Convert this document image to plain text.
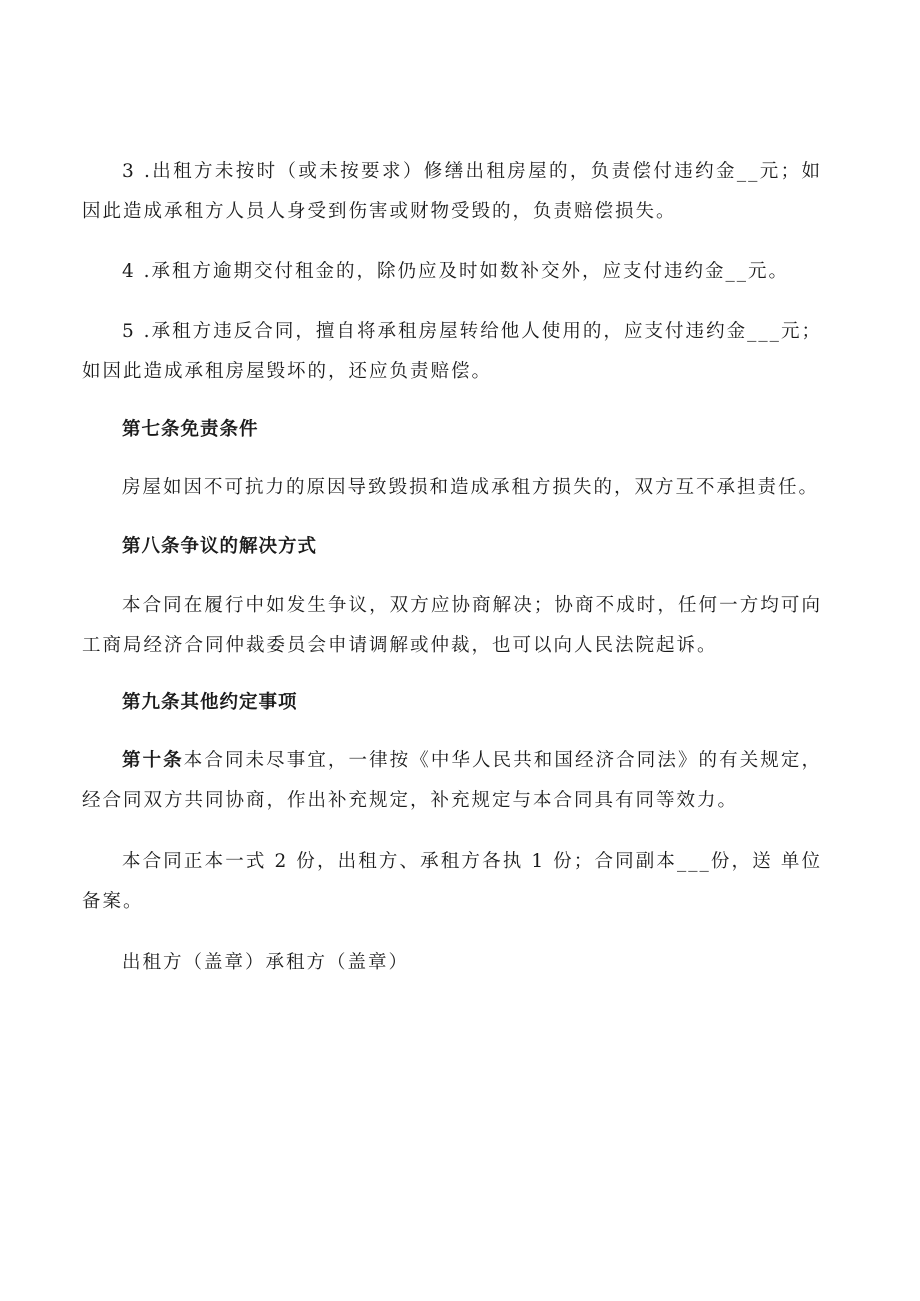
3 .出租方未按时（或未按要求）修缮出租房屋的，负责偿付违约金__元；如因此造成承租方人员人身受到伤害或财物受毁的，负责赔偿损失。

4 .承租方逾期交付租金的，除仍应及时如数补交外，应支付违约金__元。

5 .承租方违反合同，擅自将承租房屋转给他人使用的，应支付违约金___元；如因此造成承租房屋毁坏的，还应负责赔偿。

第七条免责条件

房屋如因不可抗力的原因导致毁损和造成承租方损失的，双方互不承担责任。

第八条争议的解决方式

本合同在履行中如发生争议，双方应协商解决；协商不成时，任何一方均可向工商局经济合同仲裁委员会申请调解或仲裁，也可以向人民法院起诉。

第九条其他约定事项

第十条本合同未尽事宜，一律按《中华人民共和国经济合同法》的有关规定，经合同双方共同协商，作出补充规定，补充规定与本合同具有同等效力。

本合同正本一式 2 份，出租方、承租方各执 1 份；合同副本___份，送 单位备案。

出租方（盖章）承租方（盖章）
